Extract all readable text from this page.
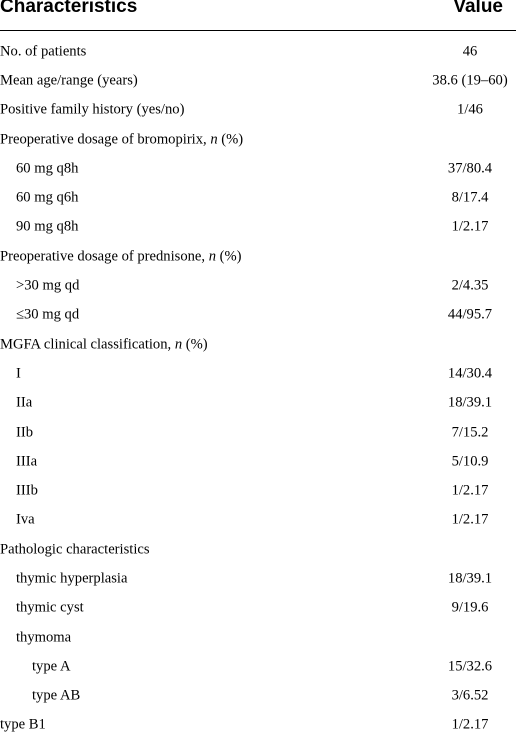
Characteristics	Value
No. of patients	46
Mean age/range (years)	38.6 (19–60)
Positive family history (yes/no)	1/46
Preoperative dosage of bromopirix, n (%)
60 mg q8h	37/80.4
60 mg q6h	8/17.4
90 mg q8h	1/2.17
Preoperative dosage of prednisone, n (%)
>30 mg qd	2/4.35
≤30 mg qd	44/95.7
MGFA clinical classification, n (%)
I	14/30.4
IIa	18/39.1
IIb	7/15.2
IIIa	5/10.9
IIIb	1/2.17
Iva	1/2.17
Pathologic characteristics
thymic hyperplasia	18/39.1
thymic cyst	9/19.6
thymoma
type A	15/32.6
type AB	3/6.52
type B1	1/2.17
